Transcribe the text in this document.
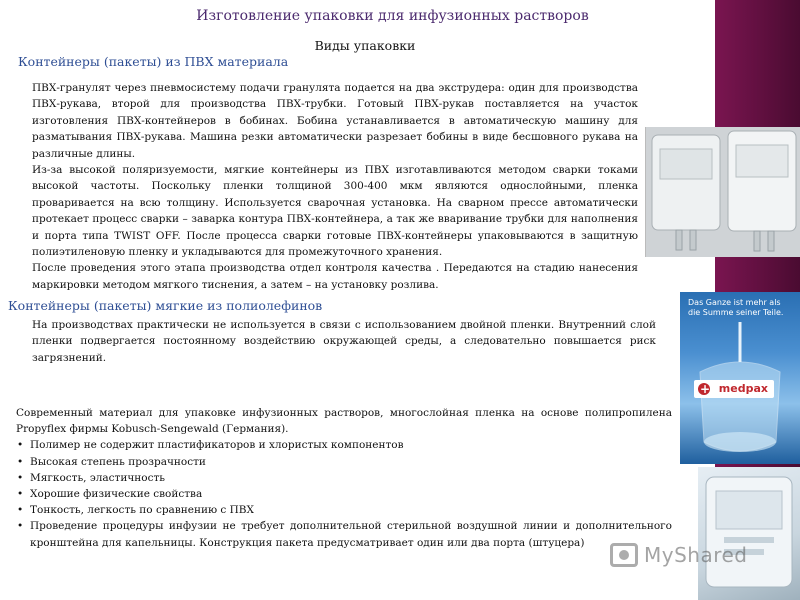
Изготовление упаковки для инфузионных растворов
Виды упаковки
Контейнеры (пакеты) из ПВХ материала

ПВХ-гранулят через пневмосистему подачи гранулята подается на два экструдера: один для производства ПВХ-рукава, второй для производства ПВХ-трубки. Готовый ПВХ-рукав поставляется на участок изготовления ПВХ-контейнеров в бобинах. Бобина устанавливается в автоматическую машину для разматывания ПВХ-рукава. Машина резки автоматически разрезает бобины в виде бесшовного рукава на различные длины.

Из-за высокой поляризуемости, мягкие контейнеры из ПВХ изготавливаются методом сварки токами высокой частоты. Поскольку пленки толщиной 300-400 мкм являются однослойными, пленка проваривается на всю толщину. Используется сварочная установка. На сварном прессе автоматически протекает процесс сварки – заварка контура ПВХ-контейнера, а так же вваривание трубки для наполнения и порта типа TWIST OFF. После процесса сварки готовые ПВХ-контейнеры упаковываются в защитную полиэтиленовую пленку и укладываются для промежуточного хранения.

После проведения этого этапа производства отдел контроля качества . Передаются на стадию нанесения маркировки методом мягкого тиснения, а затем – на установку розлива.

Контейнеры (пакеты) мягкие из полиолефинов

На производствах практически не используется в связи с использованием двойной пленки. Внутренний слой пленки подвергается постоянному воздействию окружающей среды, а следовательно повышается риск загрязнений.

Современный материал для упаковке инфузионных растворов, многослойная пленка на основе полипропилена Propyflex фирмы Kobusch-Sengewald (Германия).

• Полимер не содержит пластификаторов и хлористых компонентов
• Высокая степень прозрачности
• Мягкость, эластичность
• Хорошие физические свойства
• Тонкость, легкость по сравнению с ПВХ
• Проведение процедуры инфузии не требует дополнительной стерильной воздушной линии и дополнительного кронштейна для капельницы. Конструкция пакета предусматривает один или два порта (штуцера)
Das Ganze ist mehr als die Summe seiner Teile.
+
medpax
MyShared
